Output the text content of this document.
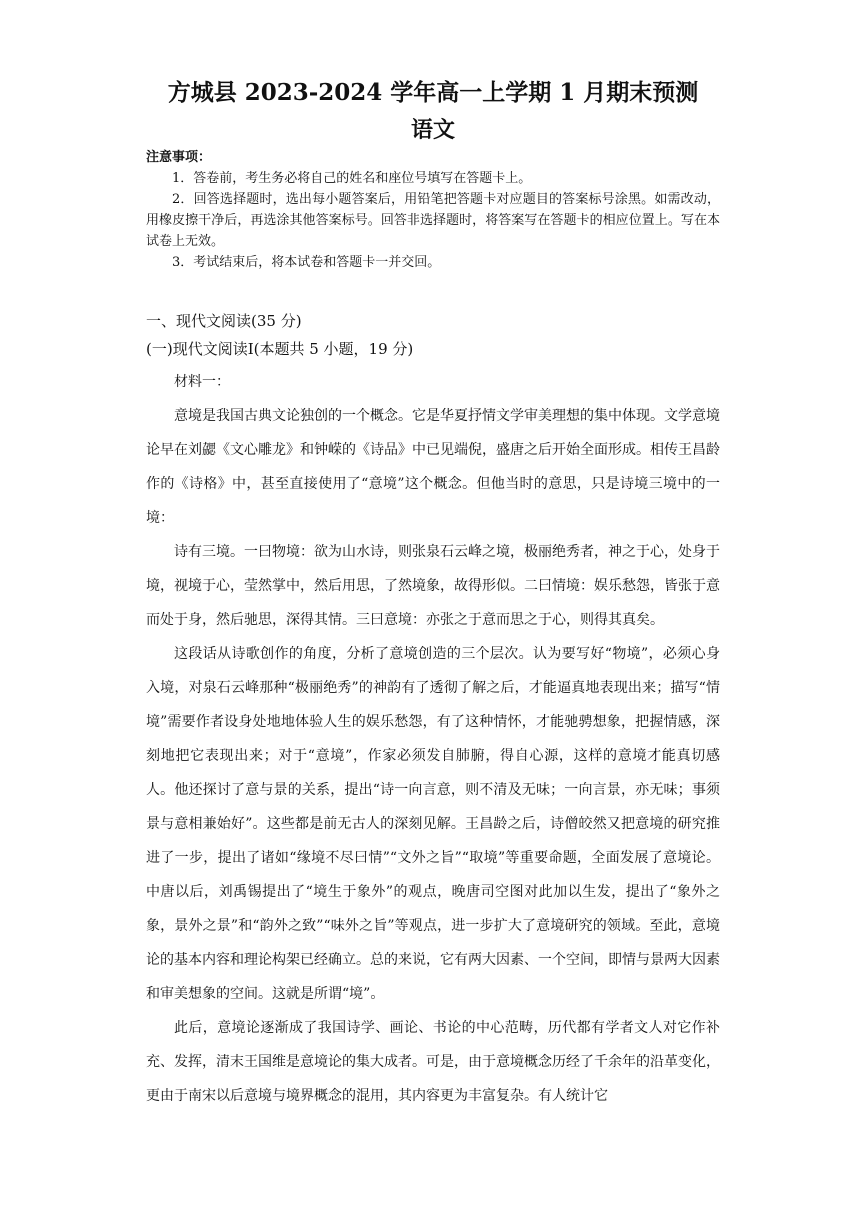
方城县 2023-2024 学年高一上学期 1 月期末预测
语文
注意事项：

1．答卷前，考生务必将自己的姓名和座位号填写在答题卡上。

2．回答选择题时，选出每小题答案后，用铅笔把答题卡对应题目的答案标号涂黑。如需改动，用橡皮擦干净后，再选涂其他答案标号。回答非选择题时，将答案写在答题卡的相应位置上。写在本试卷上无效。

3．考试结束后，将本试卷和答题卡一并交回。

一、现代文阅读(35 分)
(一)现代文阅读Ⅰ(本题共 5 小题，19 分)

材料一：

意境是我国古典文论独创的一个概念。它是华夏抒情文学审美理想的集中体现。文学意境论早在刘勰《文心雕龙》和钟嵘的《诗品》中已见端倪，盛唐之后开始全面形成。相传王昌龄作的《诗格》中，甚至直接使用了“意境”这个概念。但他当时的意思，只是诗境三境中的一境：

诗有三境。一曰物境：欲为山水诗，则张泉石云峰之境，极丽绝秀者，神之于心，处身于境，视境于心，莹然掌中，然后用思，了然境象，故得形似。二曰情境：娱乐愁怨，皆张于意而处于身，然后驰思，深得其情。三曰意境：亦张之于意而思之于心，则得其真矣。

这段话从诗歌创作的角度，分析了意境创造的三个层次。认为要写好“物境”，必须心身入境，对泉石云峰那种“极丽绝秀”的神韵有了透彻了解之后，才能逼真地表现出来；描写“情境”需要作者设身处地地体验人生的娱乐愁怨，有了这种情怀，才能驰骋想象，把握情感，深刻地把它表现出来；对于“意境”，作家必须发自肺腑，得自心源，这样的意境才能真切感人。他还探讨了意与景的关系，提出“诗一向言意，则不清及无味；一向言景，亦无味；事须景与意相兼始好”。这些都是前无古人的深刻见解。王昌龄之后，诗僧皎然又把意境的研究推进了一步，提出了诸如“缘境不尽曰情”“文外之旨”“取境”等重要命题，全面发展了意境论。中唐以后，刘禹锡提出了“境生于象外”的观点，晚唐司空图对此加以生发，提出了“象外之象，景外之景”和“韵外之致”“味外之旨”等观点，进一步扩大了意境研究的领域。至此，意境论的基本内容和理论构架已经确立。总的来说，它有两大因素、一个空间，即情与景两大因素和审美想象的空间。这就是所谓“境”。

此后，意境论逐渐成了我国诗学、画论、书论的中心范畴，历代都有学者文人对它作补充、发挥，清末王国维是意境论的集大成者。可是，由于意境概念历经了千余年的沿革变化，更由于南宋以后意境与境界概念的混用，其内容更为丰富复杂。有人统计它
